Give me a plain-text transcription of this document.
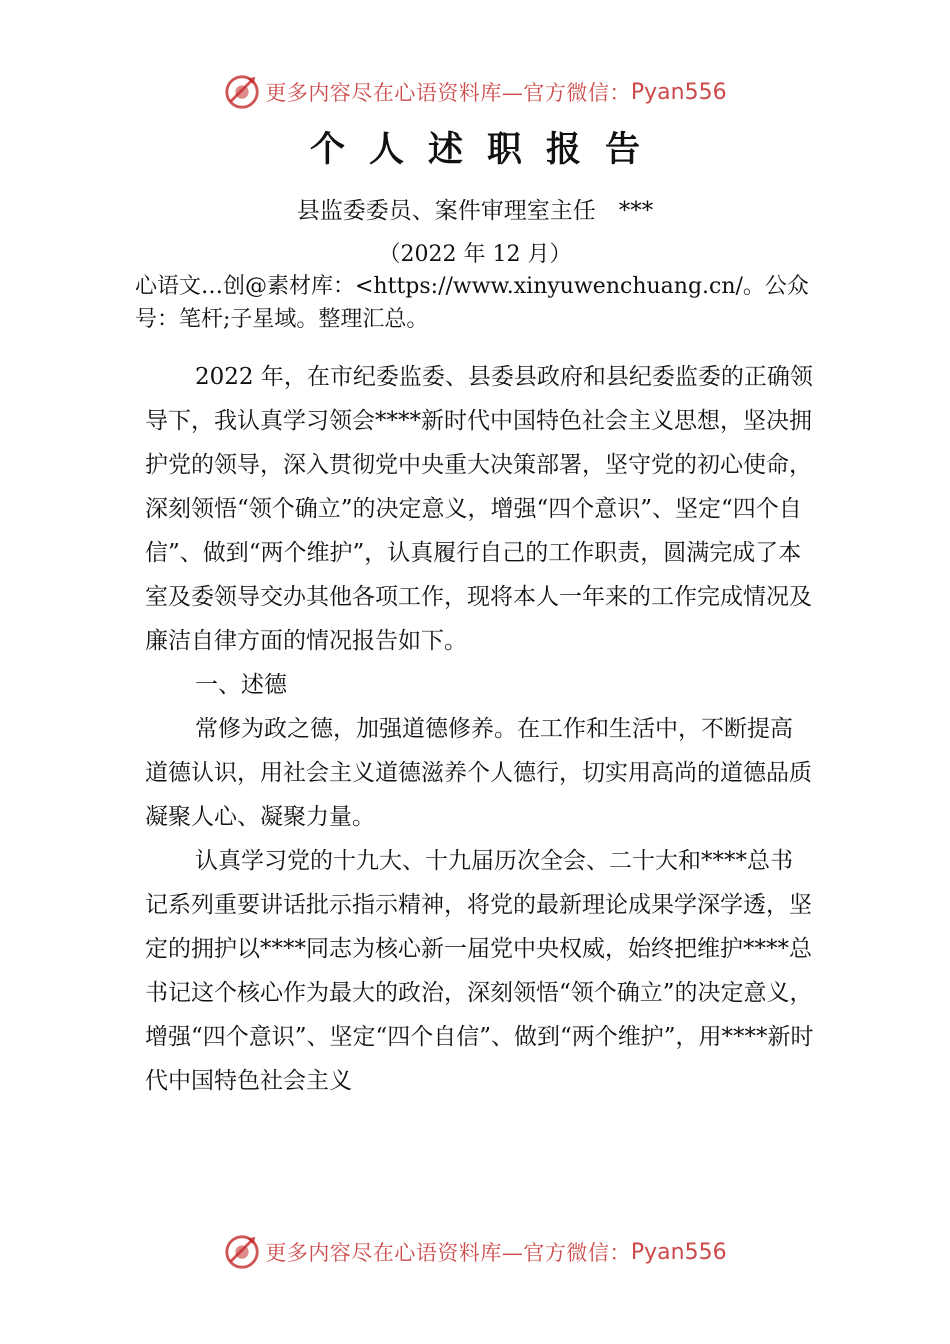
更多内容尽在心语资料库—官方微信： Pyan556
个人述职报告
县监委委员、案件审理室主任　***
（2022 年 12 月）
心语文…创@素材库：<https://www.xinyuwenchuang.cn/。公众号：笔杆;子星域。整理汇总。

2022 年，在市纪委监委、县委县政府和县纪委监委的正确领导下，我认真学习领会****新时代中国特色社会主义思想，坚决拥护党的领导，深入贯彻党中央重大决策部署，坚守党的初心使命，深刻领悟“领个确立”的决定意义，增强“四个意识”、坚定“四个自信”、做到“两个维护”，认真履行自己的工作职责，圆满完成了本室及委领导交办其他各项工作，现将本人一年来的工作完成情况及廉洁自律方面的情况报告如下。

一、述德

常修为政之德，加强道德修养。在工作和生活中，不断提高道德认识，用社会主义道德滋养个人德行，切实用高尚的道德品质凝聚人心、凝聚力量。

认真学习党的十九大、十九届历次全会、二十大和****总书记系列重要讲话批示指示精神，将党的最新理论成果学深学透，坚定的拥护以****同志为核心新一届党中央权威，始终把维护****总书记这个核心作为最大的政治，深刻领悟“领个确立”的决定意义，增强“四个意识”、坚定“四个自信”、做到“两个维护”，用****新时代中国特色社会主义

更多内容尽在心语资料库—官方微信： Pyan556
